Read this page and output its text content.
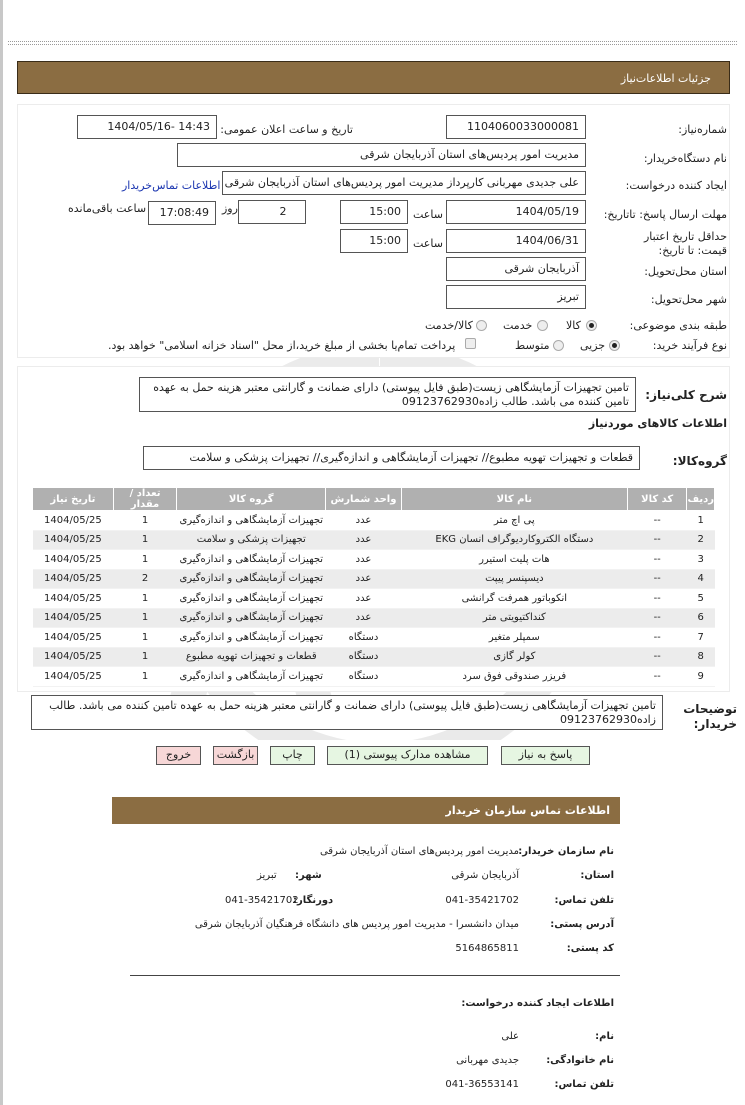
جزئیات اطلاعات‌نیاز
شماره‌نیاز:
1104060033000081
تاریخ و ساعت اعلان عمومی:
1404/05/16- 14:43
نام دستگاه‌خریدار:
مدیریت امور پردیس‌های استان آذربایجان شرقی
ایجاد کننده درخواست:
علی جدیدی مهربانی کارپرداز مدیریت امور پردیس‌های استان آذربایجان شرقی
اطلاعات تماس‌خریدار
مهلت ارسال پاسخ: تاتاریخ:
1404/05/19
ساعت
15:00
2
روز
17:08:49
ساعت باقی‌مانده
حداقل تاریخ اعتبار قیمت: تا تاریخ:
1404/06/31
ساعت
15:00
استان محل‌تحویل:
آذربایجان شرقی
شهر محل‌تحویل:
تبریز
طبقه بندی موضوعی:
کالا
خدمت
کالا/خدمت
نوع فرآیند خرید:
جزیی
متوسط
پرداخت تمام‌یا بخشی از مبلغ خرید،از محل "اسناد خزانه اسلامی" خواهد بود.
شرح کلی‌نیاز:
تامین تجهیزات آزمایشگاهی زیست(طبق فایل پیوستی) دارای ضمانت و گارانتی معتبر هزینه حمل به عهده تامین کننده می باشد. طالب زاده09123762930
اطلاعات کالاهای موردنیاز
گروه‌کالا:
قطعات و تجهیزات تهویه مطبوع// تجهیزات آزمایشگاهی و اندازه‌گیری// تجهیزات پزشکی و سلامت
ردیف	کد کالا	نام کالا	واحد شمارش	گروه کالا	تعداد / مقدار	تاریخ نیاز
1	--	پی اچ متر	عدد	تجهیزات آزمایشگاهی و اندازه‌گیری	1	1404/05/25
2	--	دستگاه الکتروکاردیوگراف انسان EKG	عدد	تجهیزات پزشکی و سلامت	1	1404/05/25
3	--	هات پلیت استیرر	عدد	تجهیزات آزمایشگاهی و اندازه‌گیری	1	1404/05/25
4	--	دیسپنسر پیپت	عدد	تجهیزات آزمایشگاهی و اندازه‌گیری	2	1404/05/25
5	--	انکوباتور همرفت گرانشی	عدد	تجهیزات آزمایشگاهی و اندازه‌گیری	1	1404/05/25
6	--	کنداکتیویتی متر	عدد	تجهیزات آزمایشگاهی و اندازه‌گیری	1	1404/05/25
7	--	سمپلر متغیر	دستگاه	تجهیزات آزمایشگاهی و اندازه‌گیری	1	1404/05/25
8	--	کولر گازی	دستگاه	قطعات و تجهیزات تهویه مطبوع	1	1404/05/25
9	--	فریزر صندوقی فوق سرد	دستگاه	تجهیزات آزمایشگاهی و اندازه‌گیری	1	1404/05/25
توضیحات خریدار:
تامین تجهیزات آزمایشگاهی زیست(طبق فایل پیوستی) دارای ضمانت و گارانتی معتبر هزینه حمل به عهده تامین کننده می باشد. طالب زاده09123762930
پاسخ به نیاز
مشاهده مدارک پیوستی (1)
چاپ
بازگشت
خروج
اطلاعات تماس سازمان خریدار
نام سازمان خریدار:
مدیریت امور پردیس‌های استان آذربایجان شرقی
استان:
آذربایجان شرقی
شهر:
تبریز
تلفن تماس:
041-35421702
دورنگار:
041-35421702
آدرس پستی:
میدان دانشسرا - مدیریت امور پردیس های دانشگاه فرهنگیان آذربایجان شرقی
کد پستی:
5164865811
اطلاعات ایجاد کننده درخواست:
نام:
علی
نام خانوادگی:
جدیدی مهربانی
تلفن تماس:
041-36553141
